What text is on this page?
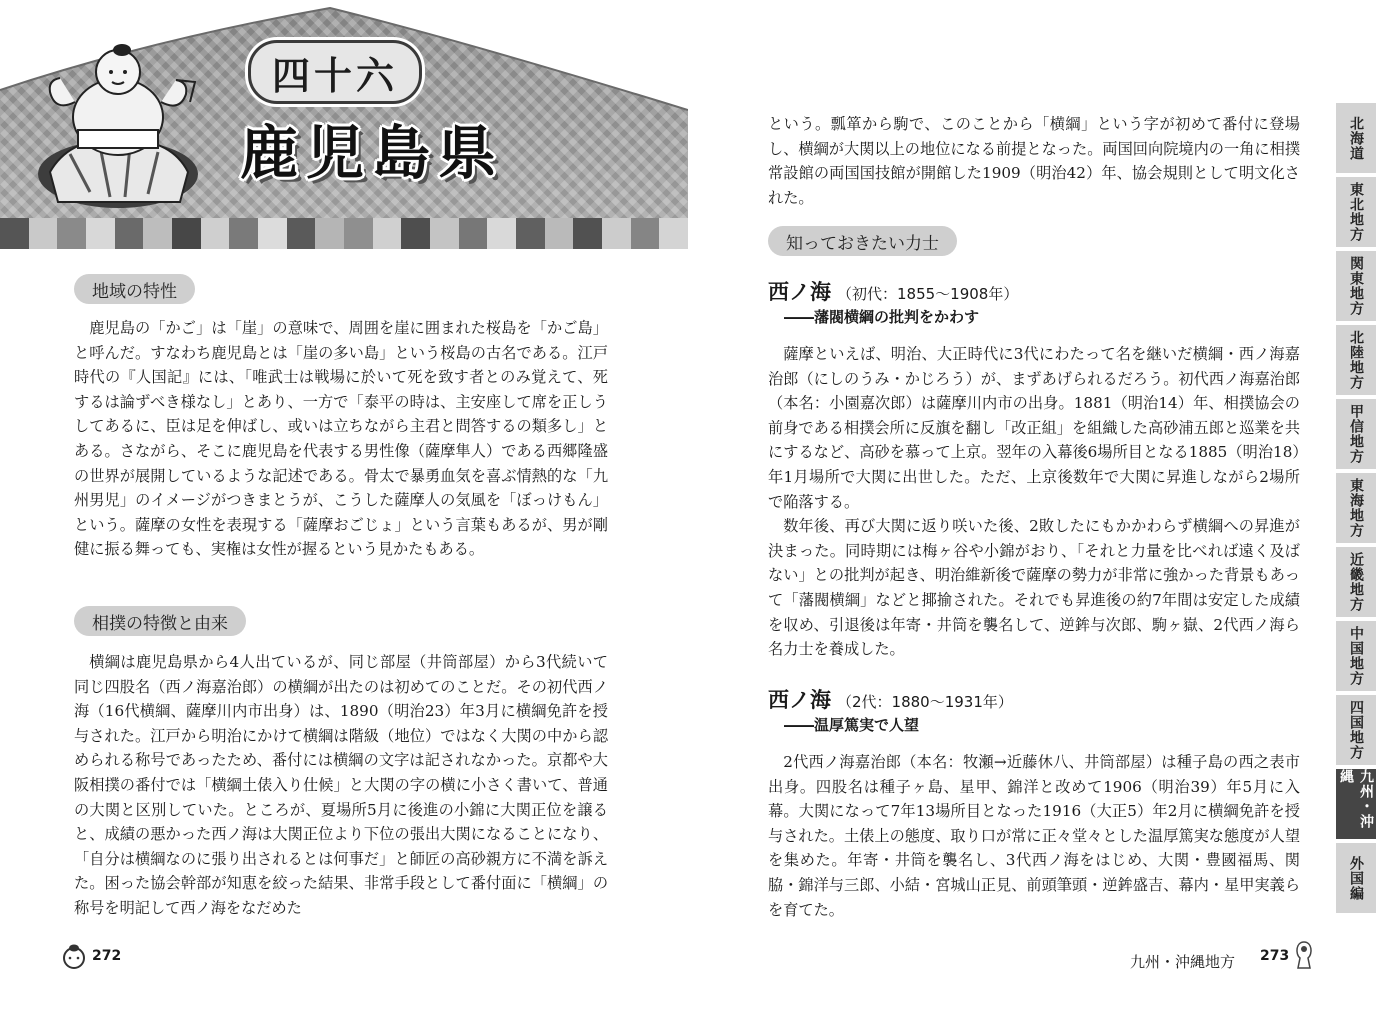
四十六
鹿児島県
地域の特性

鹿児島の「かご」は「崖」の意味で、周囲を崖に囲まれた桜島を「かご島」と呼んだ。すなわち鹿児島とは「崖の多い島」という桜島の古名である。江戸時代の『人国記』には、「唯武士は戦場に於いて死を致す者とのみ覚えて、死するは論ずべき様なし」とあり、一方で「泰平の時は、主安座して席を正しうしてあるに、臣は足を伸ばし、或いは立ちながら主君と問答するの類多し」とある。さながら、そこに鹿児島を代表する男性像（薩摩隼人）である西郷隆盛の世界が展開しているような記述である。骨太で暴勇血気を喜ぶ情熱的な「九州男児」のイメージがつきまとうが、こうした薩摩人の気風を「ぼっけもん」という。薩摩の女性を表現する「薩摩おごじょ」という言葉もあるが、男が剛健に振る舞っても、実権は女性が握るという見かたもある。

相撲の特徴と由来

横綱は鹿児島県から4人出ているが、同じ部屋（井筒部屋）から3代続いて同じ四股名（西ノ海嘉治郎）の横綱が出たのは初めてのことだ。その初代西ノ海（16代横綱、薩摩川内市出身）は、1890（明治23）年3月に横綱免許を授与された。江戸から明治にかけて横綱は階級（地位）ではなく大関の中から認められる称号であったため、番付には横綱の文字は記されなかった。京都や大阪相撲の番付では「横綱土俵入り仕候」と大関の字の横に小さく書いて、普通の大関と区別していた。ところが、夏場所5月に後進の小錦に大関正位を譲ると、成績の悪かった西ノ海は大関正位より下位の張出大関になることになり、「自分は横綱なのに張り出されるとは何事だ」と師匠の高砂親方に不満を訴えた。困った協会幹部が知恵を絞った結果、非常手段として番付面に「横綱」の称号を明記して西ノ海をなだめた

272

という。瓢箪から駒で、このことから「横綱」という字が初めて番付に登場し、横綱が大関以上の地位になる前提となった。両国回向院境内の一角に相撲常設館の両国国技館が開館した1909（明治42）年、協会規則として明文化された。

知っておきたい力士
西ノ海 （初代：1855～1908年）
――藩閥横綱の批判をかわす

薩摩といえば、明治、大正時代に3代にわたって名を継いだ横綱・西ノ海嘉治郎（にしのうみ・かじろう）が、まずあげられるだろう。初代西ノ海嘉治郎（本名：小園嘉次郎）は薩摩川内市の出身。1881（明治14）年、相撲協会の前身である相撲会所に反旗を翻し「改正組」を組織した高砂浦五郎と巡業を共にするなど、高砂を慕って上京。翌年の入幕後6場所目となる1885（明治18）年1月場所で大関に出世した。ただ、上京後数年で大関に昇進しながら2場所で陥落する。

数年後、再び大関に返り咲いた後、2敗したにもかかわらず横綱への昇進が決まった。同時期には梅ヶ谷や小錦がおり、「それと力量を比べれば遠く及ばない」との批判が起き、明治維新後で薩摩の勢力が非常に強かった背景もあって「藩閥横綱」などと揶揄された。それでも昇進後の約7年間は安定した成績を収め、引退後は年寄・井筒を襲名して、逆鉾与次郎、駒ヶ嶽、2代西ノ海ら名力士を養成した。

西ノ海 （2代：1880～1931年）
――温厚篤実で人望

2代西ノ海嘉治郎（本名：牧瀬→近藤休八、井筒部屋）は種子島の西之表市出身。四股名は種子ヶ島、星甲、錦洋と改めて1906（明治39）年5月に入幕。大関になって7年13場所目となった1916（大正5）年2月に横綱免許を授与された。土俵上の態度、取り口が常に正々堂々とした温厚篤実な態度が人望を集めた。年寄・井筒を襲名し、3代西ノ海をはじめ、大関・豊國福馬、関脇・錦洋与三郎、小結・宮城山正見、前頭筆頭・逆鉾盛吉、幕内・星甲実義らを育てた。

九州・沖縄地方 273
北海道
東北地方
関東地方
北陸地方
甲信地方
東海地方
近畿地方
中国地方
四国地方
九州・沖縄
外国編
